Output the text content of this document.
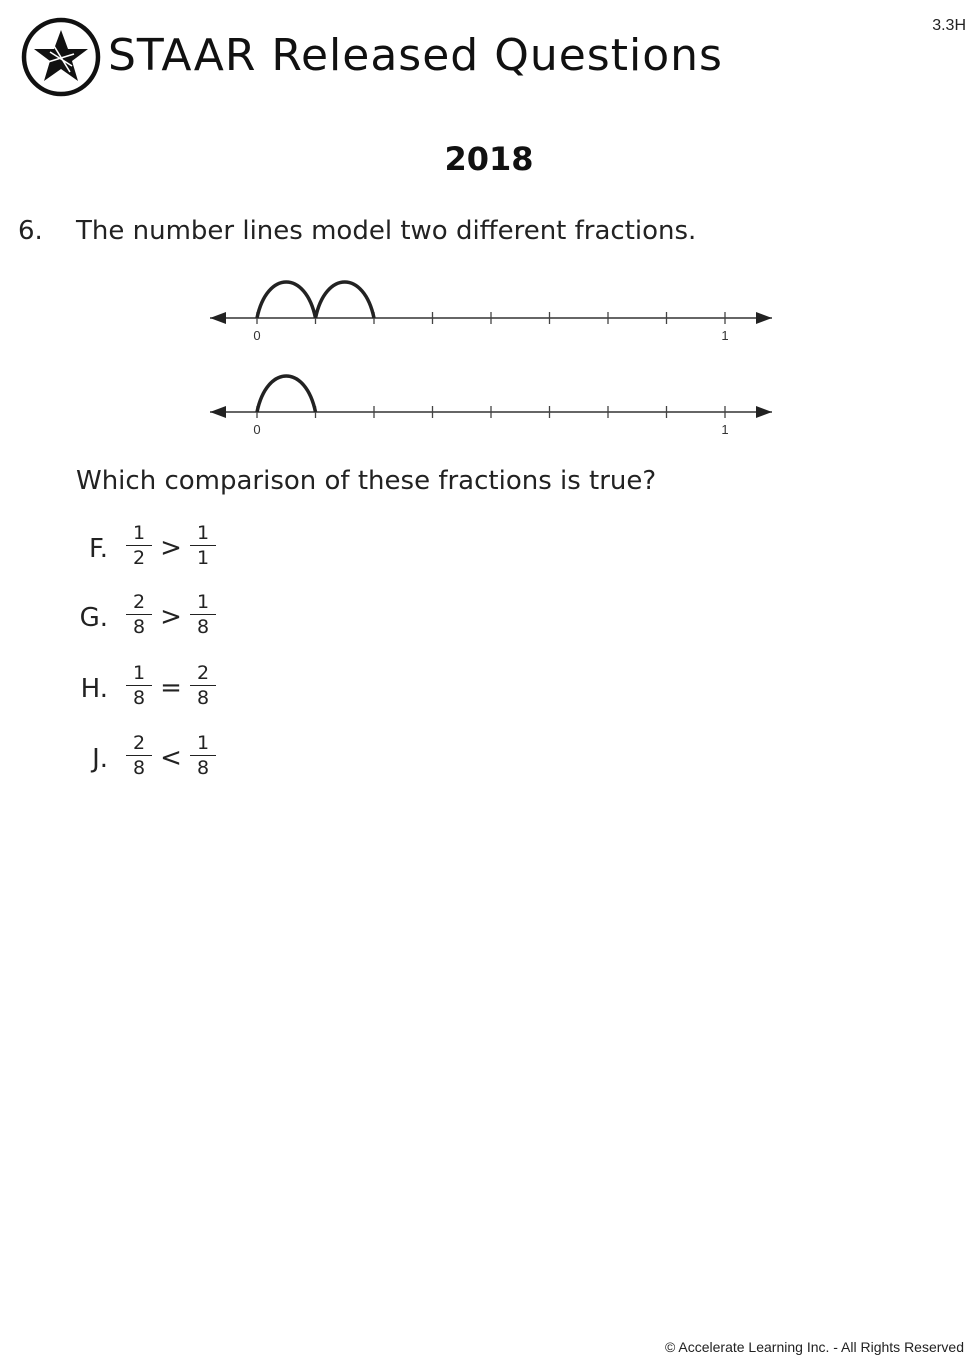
STAAR Released Questions
3.3H
2018
6. The number lines model two different fractions.
0	1
0	1
Which comparison of these fractions is true?
F.
1
2 > 1
1
G.
2
8 > 1
8
H.
1
8 = 2
8
J.
2
8 < 1
8
© Accelerate Learning Inc. - All Rights Reserved
